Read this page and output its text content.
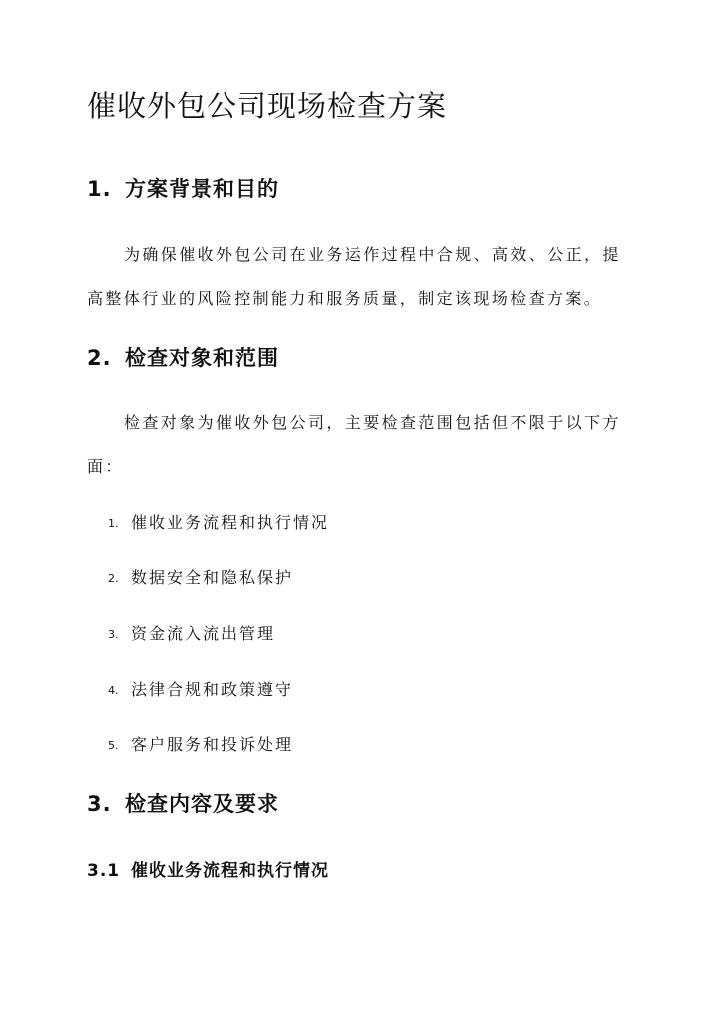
催收外包公司现场检查方案
1. 方案背景和目的
为确保催收外包公司在业务运作过程中合规、高效、公正，提
高整体行业的风险控制能力和服务质量，制定该现场检查方案。
2. 检查对象和范围
检查对象为催收外包公司，主要检查范围包括但不限于以下方
面：
1. 催收业务流程和执行情况
2. 数据安全和隐私保护
3. 资金流入流出管理
4. 法律合规和政策遵守
5. 客户服务和投诉处理
3. 检查内容及要求
3.1 催收业务流程和执行情况
